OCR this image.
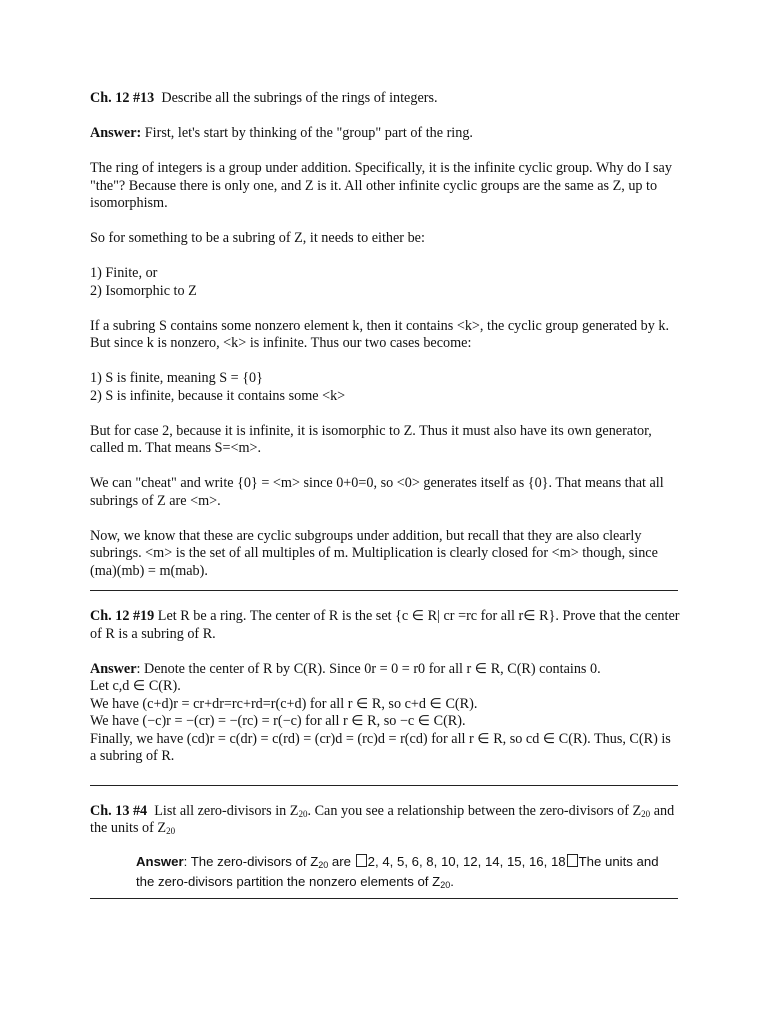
Ch. 12 #13 Describe all the subrings of the rings of integers.

Answer: First, let's start by thinking of the "group" part of the ring.

The ring of integers is a group under addition. Specifically, it is the infinite cyclic group. Why do I say "the"? Because there is only one, and Z is it. All other infinite cyclic groups are the same as Z, up to isomorphism.

So for something to be a subring of Z, it needs to either be:

1) Finite, or

2) Isomorphic to Z

If a subring S contains some nonzero element k, then it contains <k>, the cyclic group generated by k. But since k is nonzero, <k> is infinite. Thus our two cases become:

1) S is finite, meaning S = {0}

2) S is infinite, because it contains some <k>

But for case 2, because it is infinite, it is isomorphic to Z. Thus it must also have its own generator, called m. That means S=<m>.

We can "cheat" and write {0} = <m> since 0+0=0, so <0> generates itself as {0}. That means that all subrings of Z are <m>.

Now, we know that these are cyclic subgroups under addition, but recall that they are also clearly subrings. <m> is the set of all multiples of m. Multiplication is clearly closed for <m> though, since (ma)(mb) = m(mab).

Ch. 12 #19 Let R be a ring. The center of R is the set {c ∈ R| cr =rc for all r∈ R}. Prove that the center of R is a subring of R.

Answer: Denote the center of R by C(R). Since 0r = 0 = r0 for all r ∈ R, C(R) contains 0.

Let c,d ∈ C(R).

We have (c+d)r = cr+dr=rc+rd=r(c+d) for all r ∈ R, so c+d ∈ C(R).

We have (−c)r = −(cr) = −(rc) = r(−c) for all r ∈ R, so −c ∈ C(R).

Finally, we have (cd)r = c(dr) = c(rd) = (cr)d = (rc)d = r(cd) for all r ∈ R, so cd ∈ C(R). Thus, C(R) is a subring of R.

Ch. 13 #4 List all zero-divisors in $Z_{20}$. Can you see a relationship between the zero-divisors of $Z_{20}$ and the units of $Z_{20}$

Answer: The zero-divisors of $Z_{20}$ are 2, 4, 5, 6, 8, 10, 12, 14, 15, 16, 18 The units and the zero-divisors partition the nonzero elements of $Z_{20}$.
